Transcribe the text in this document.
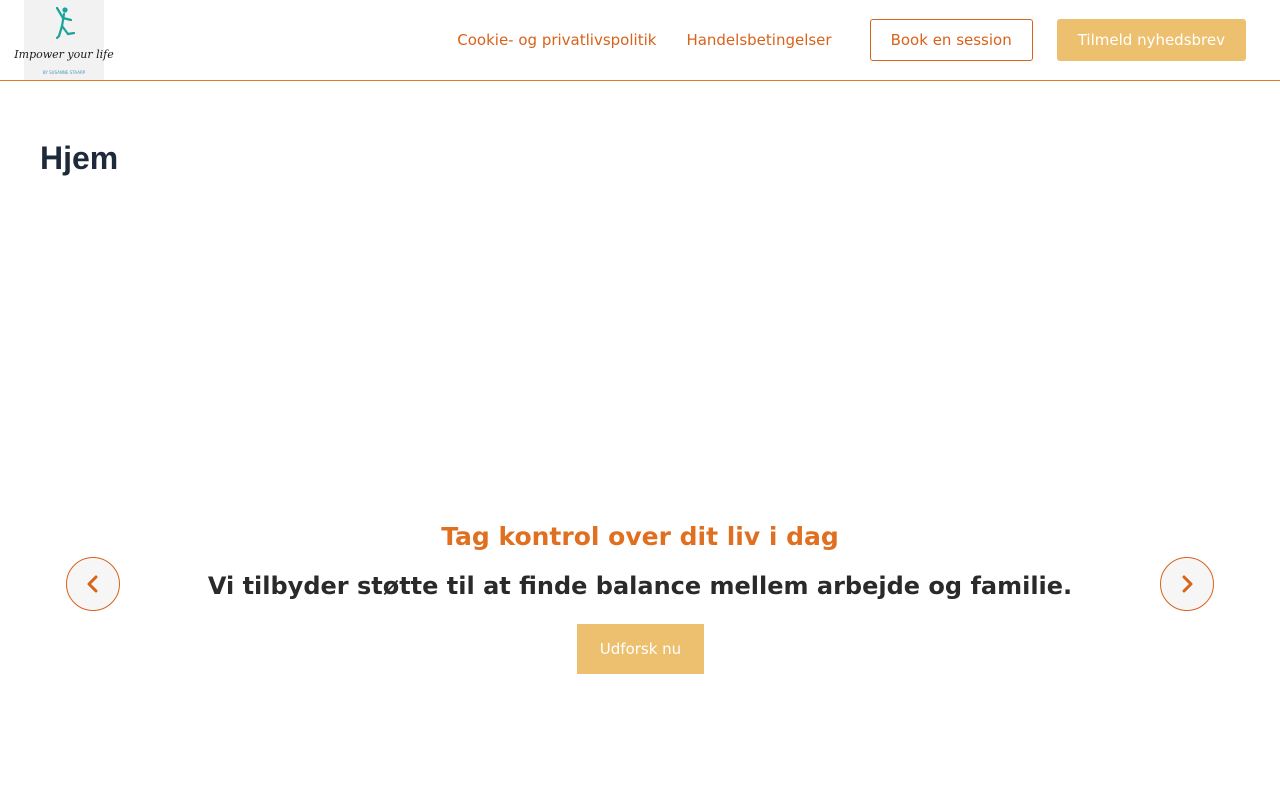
Impower your life
BY SUSANNE STAARP
Cookie- og privatlivspolitik Handelsbetingelser	Book en session	Tilmeld nyhedsbrev
Hjem
Tag kontrol over dit liv i dag
Vi tilbyder støtte til at finde balance mellem arbejde og familie.
Udforsk nu
